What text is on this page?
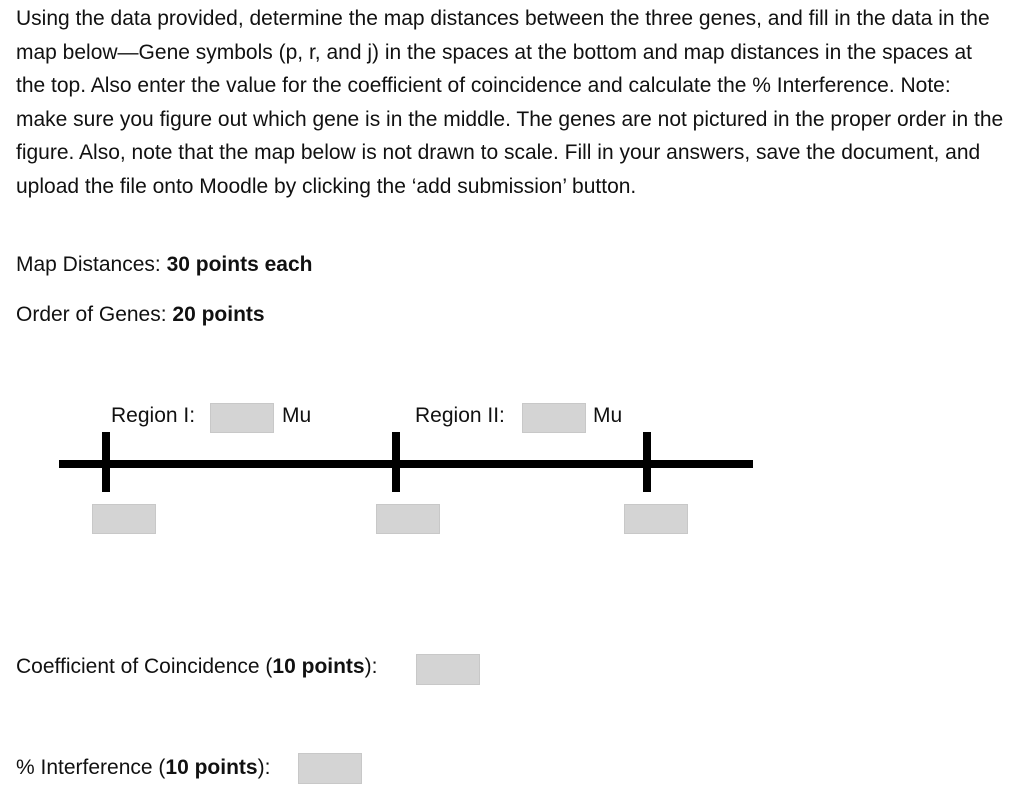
Using the data provided, determine the map distances between the three genes, and fill in the data in the map below—Gene symbols (p, r, and j) in the spaces at the bottom and map distances in the spaces at the top. Also enter the value for the coefficient of coincidence and calculate the % Interference. Note: make sure you figure out which gene is in the middle. The genes are not pictured in the proper order in the figure. Also, note that the map below is not drawn to scale. Fill in your answers, save the document, and upload the file onto Moodle by clicking the ‘add submission’ button.

Map Distances: 30 points each

Order of Genes: 20 points

Region I:	Mu	Region II:	Mu

Coefficient of Coincidence (10 points):

% Interference (10 points):
